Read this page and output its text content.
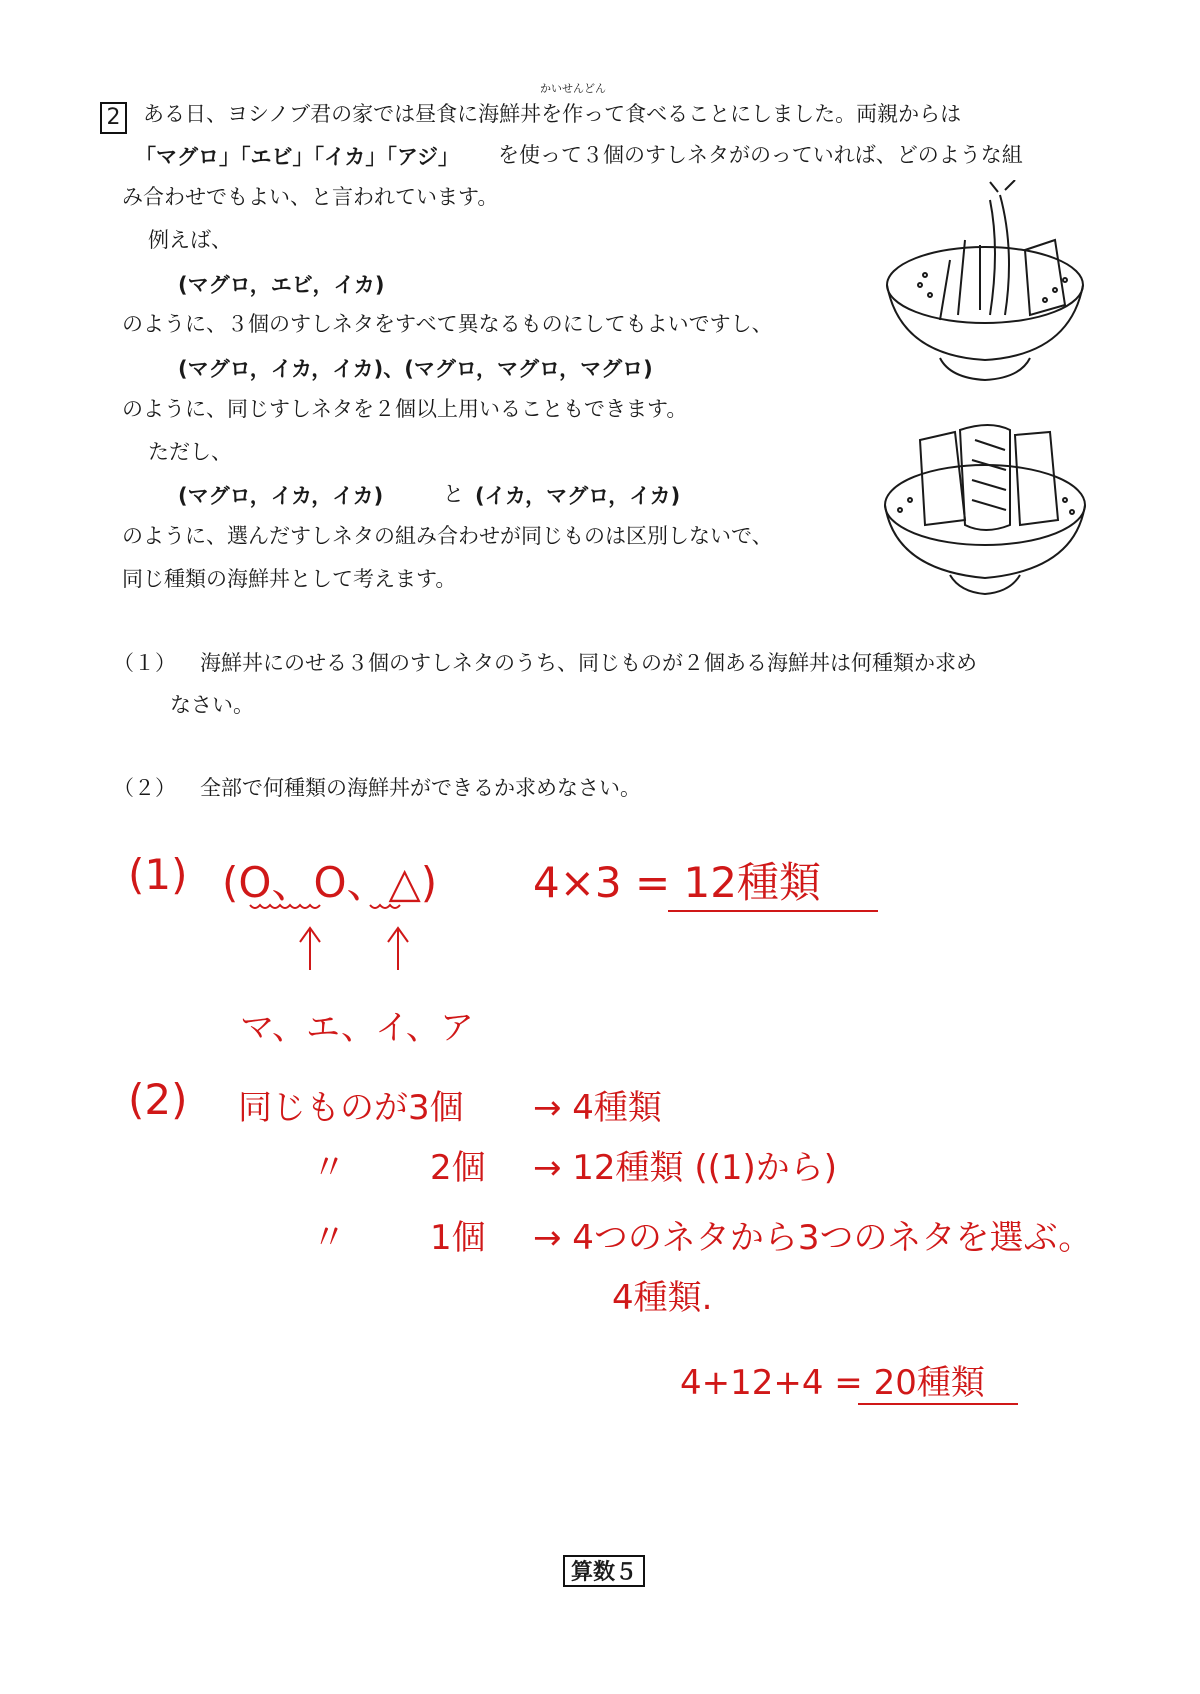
2
かいせんどん
ある日、ヨシノブ君の家では昼食に海鮮丼を作って食べることにしました。両親からは
「マグロ」「エビ」「イカ」「アジ」 を使って３個のすしネタがのっていれば、どのような組
み合わせでもよい、と言われています。
例えば、
(マグロ，エビ，イカ)
のように、３個のすしネタをすべて異なるものにしてもよいですし、
(マグロ，イカ，イカ)、(マグロ，マグロ，マグロ)
のように、同じすしネタを２個以上用いることもできます。
ただし、
(マグロ，イカ，イカ)	と (イカ，マグロ，イカ)
のように、選んだすしネタの組み合わせが同じものは区別しないで、
同じ種類の海鮮丼として考えます。
（１） 海鮮丼にのせる３個のすしネタのうち、同じものが２個ある海鮮丼は何種類か求め
なさい。
（２） 全部で何種類の海鮮丼ができるか求めなさい。
(1) (O、O、△) 4×3 = 12種類
マ、エ、イ、ア
(2) 同じものが3個 → 4種類
〃 2個 → 12種類 ((1)から)
〃 1個 → 4つのネタから3つのネタを選ぶ。
4種類.
4+12+4 = 20種類
算数５
